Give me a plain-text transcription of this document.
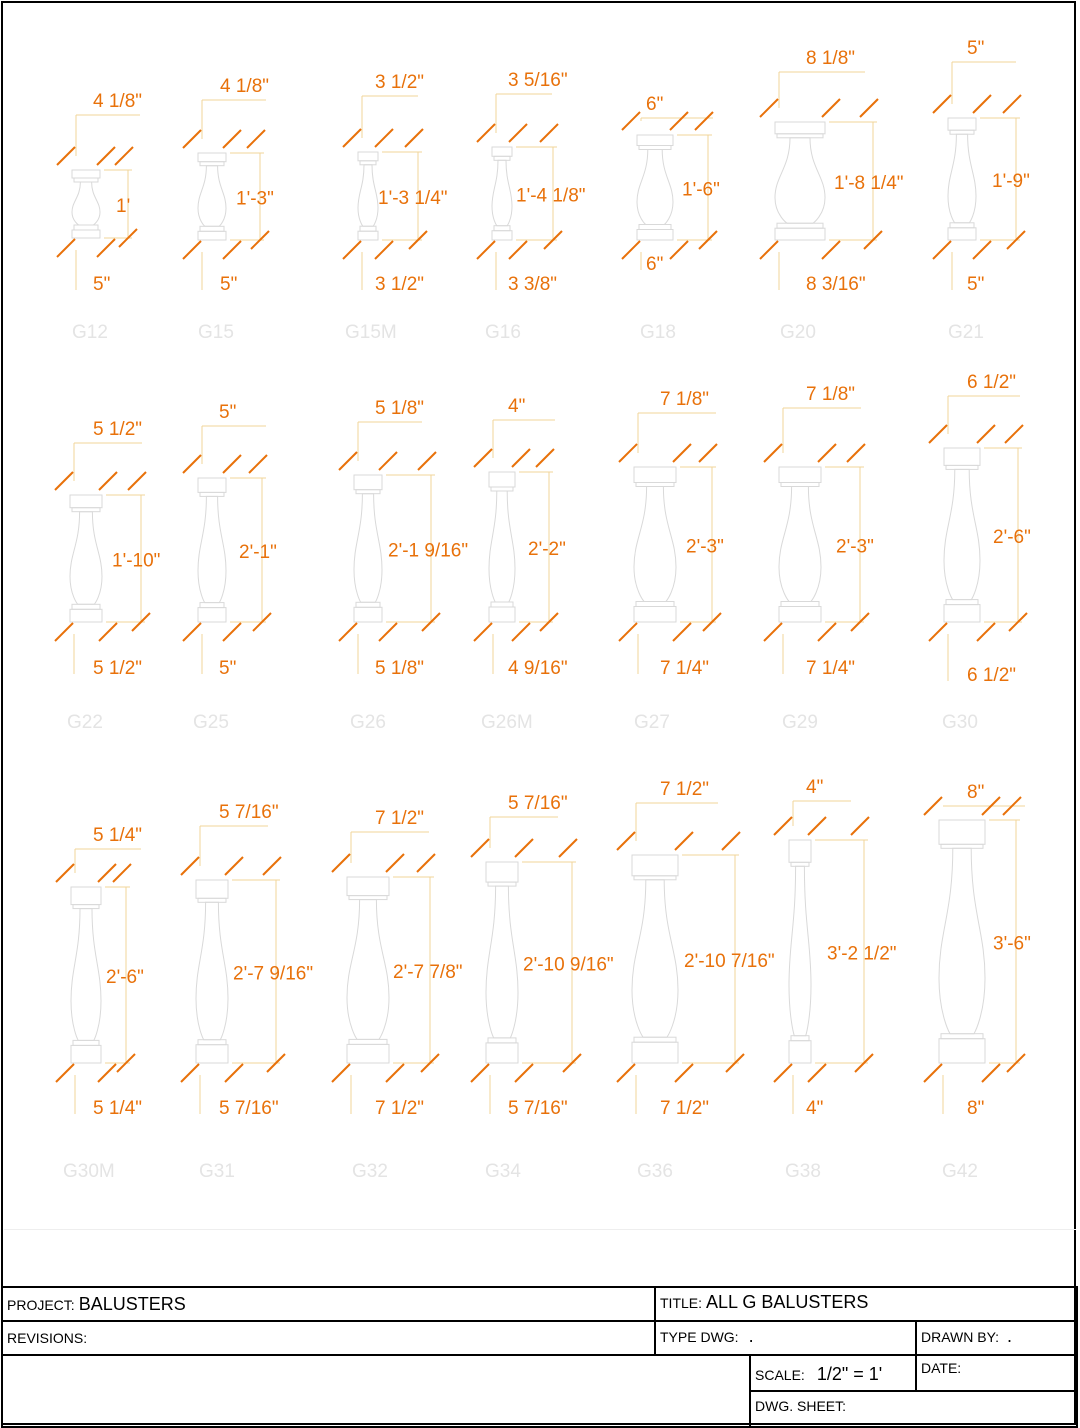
4 1/8"
1'
5"
G12
4 1/8"
1'-3"
5"
G15
3 1/2"
1'-3 1/4"
3 1/2"
G15M
3 5/16"
1'-4 1/8"
3 3/8"
G16
6"
1'-6"
6"
G18
8 1/8"
1'-8 1/4"
8 3/16"
G20
5"
1'-9"
5"
G21
5 1/2"
1'-10"
5 1/2"
G22
5"
2'-1"
5"
G25
5 1/8"
2'-1 9/16"
5 1/8"
G26
4"
2'-2"
4 9/16"
G26M
7 1/8"
2'-3"
7 1/4"
G27
7 1/8"
2'-3"
7 1/4"
G29
6 1/2"
2'-6"
6 1/2"
G30
5 1/4"
2'-6"
5 1/4"
G30M
5 7/16"
2'-7 9/16"
5 7/16"
G31
7 1/2"
2'-7 7/8"
7 1/2"
G32
5 7/16"
2'-10 9/16"
5 7/16"
G34
7 1/2"
2'-10 7/16"
7 1/2"
G36
4"
3'-2 1/2"
4"
G38
8"
3'-6"
8"
G42
PROJECT: BALUSTERS	TITLE: ALL G BALUSTERS
REVISIONS:	TYPE DWG: .	DRAWN BY: .
SCALE: 1/2" = 1'	DATE:
DWG. SHEET:
